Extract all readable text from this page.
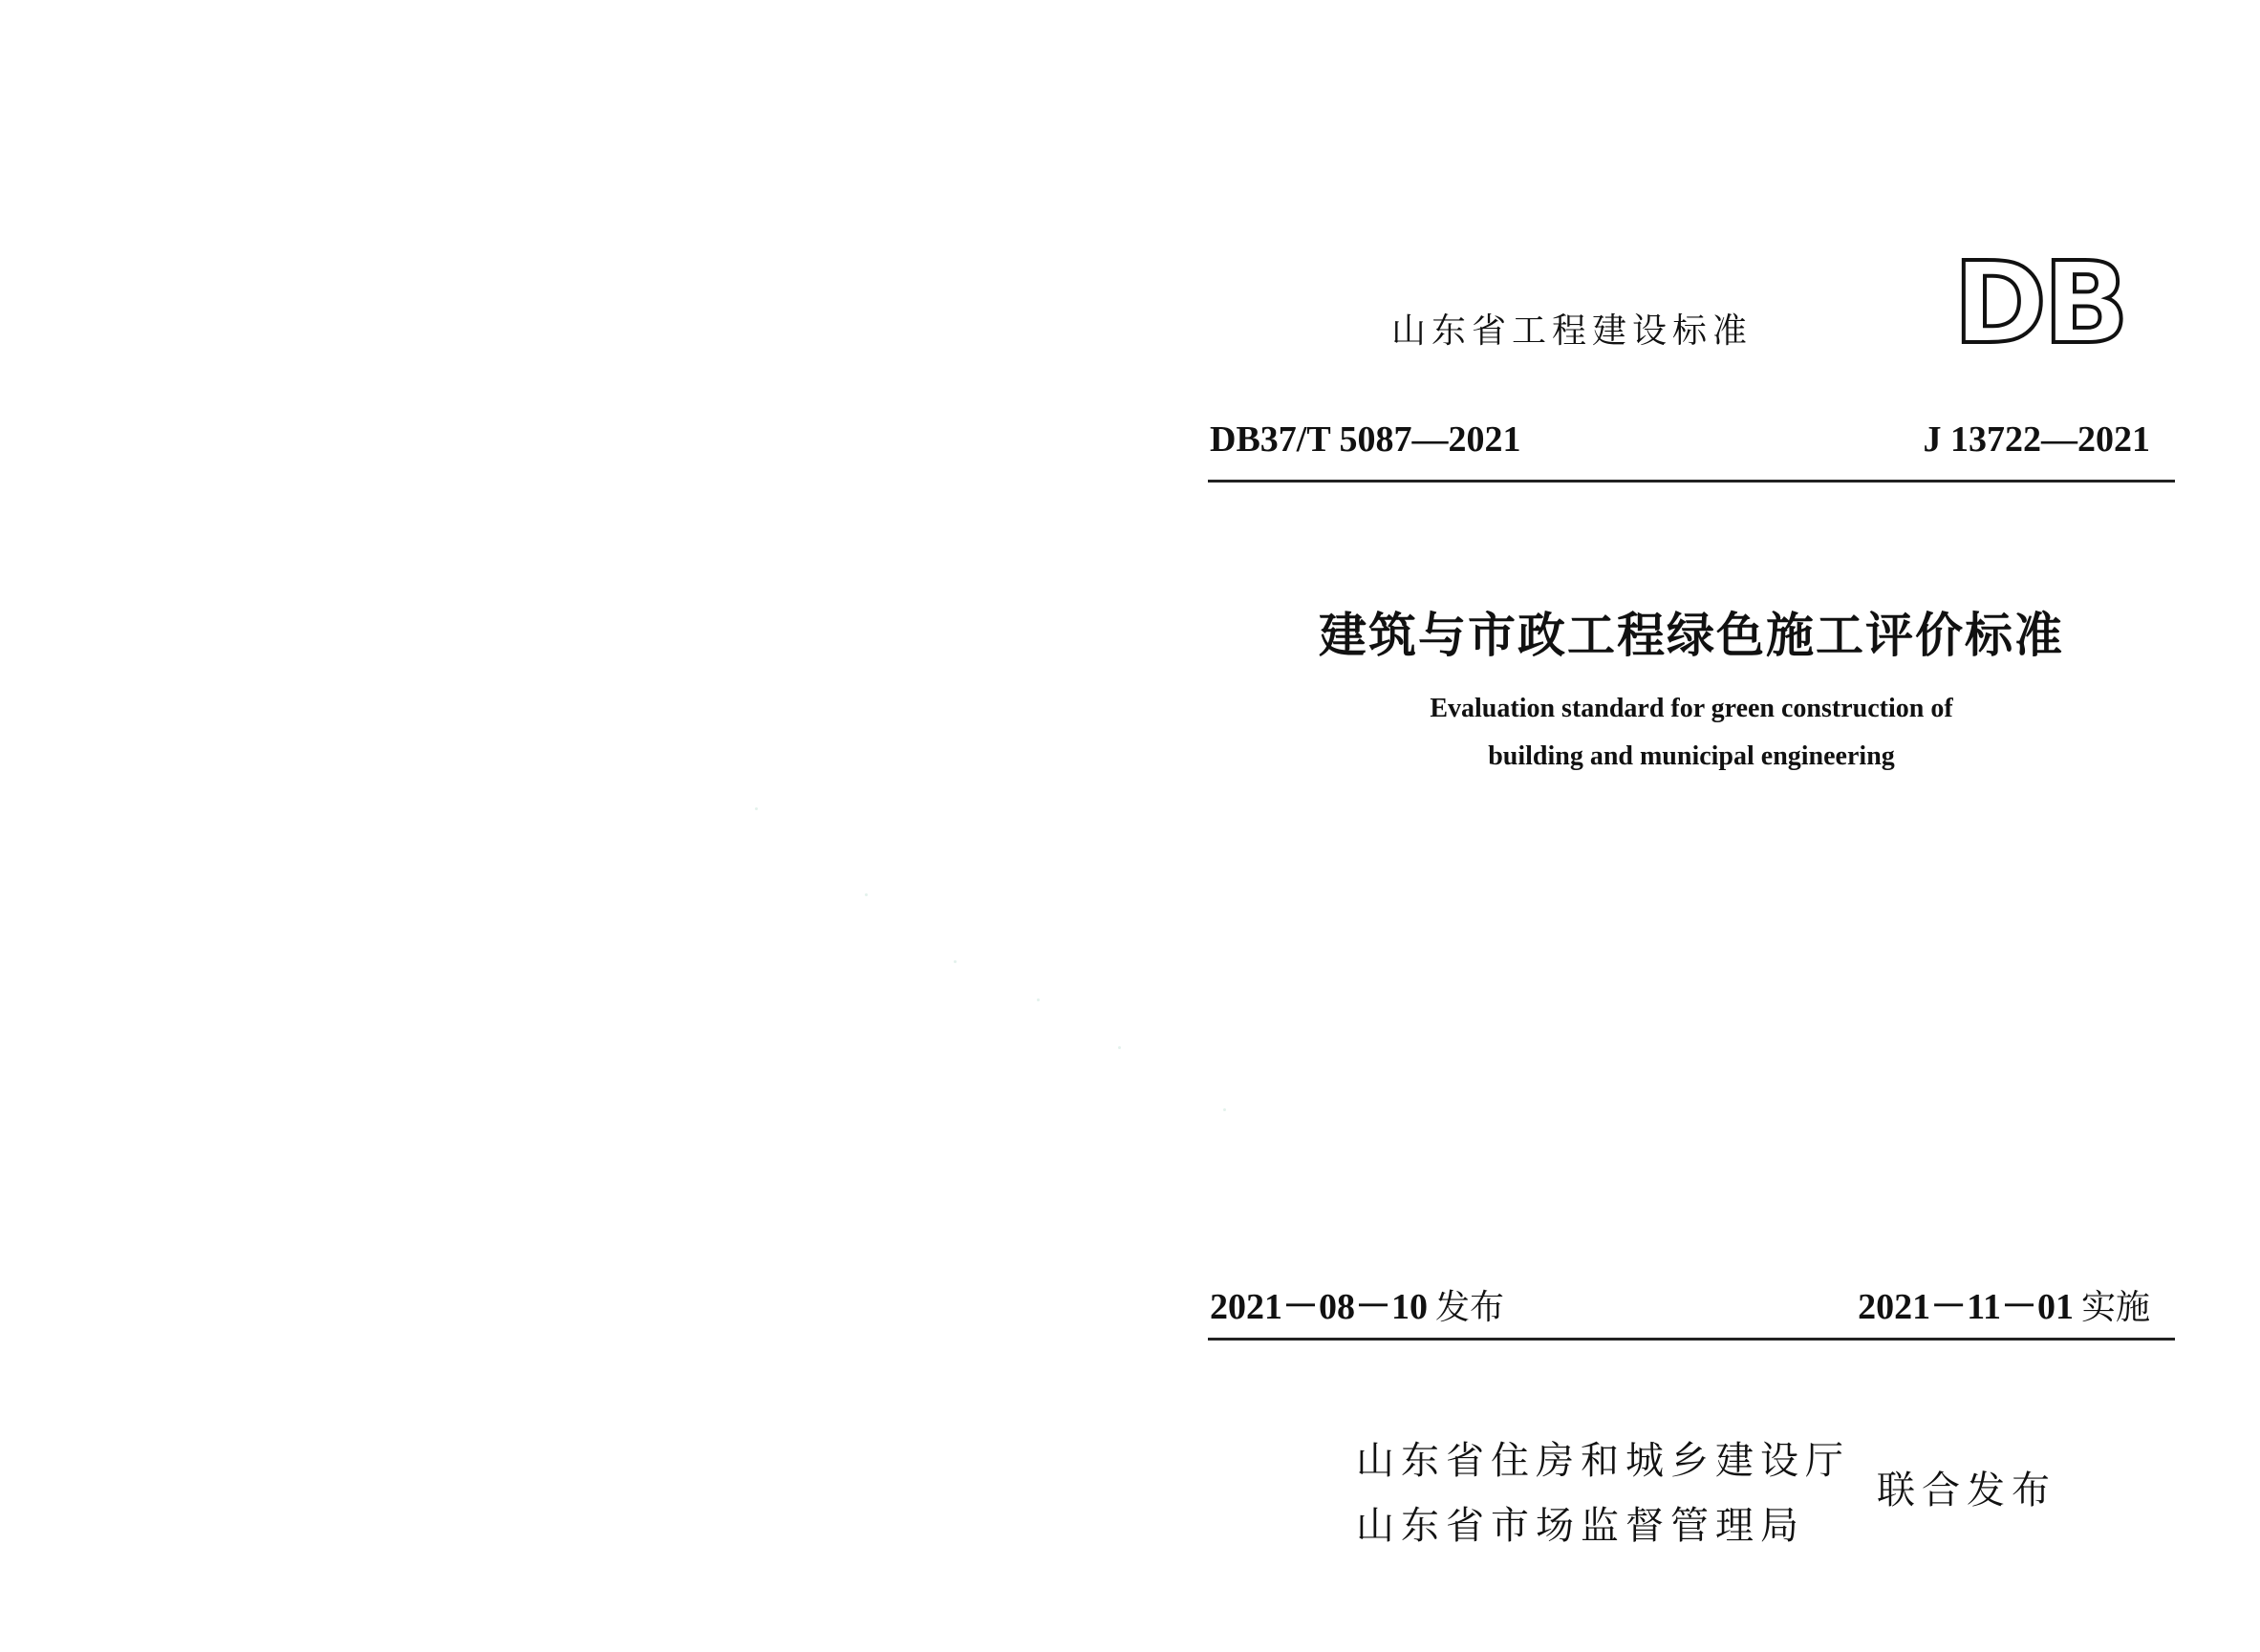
山东省工程建设标准 DB
DB37/T 5087—2021	J 13722—2021
建筑与市政工程绿色施工评价标准
Evaluation standard for green construction of
building and municipal engineering
2021－08－10 发布	2021－11－01 实施
山东省住房和城乡建设厅
山东省市场监督管理局
联合发布
